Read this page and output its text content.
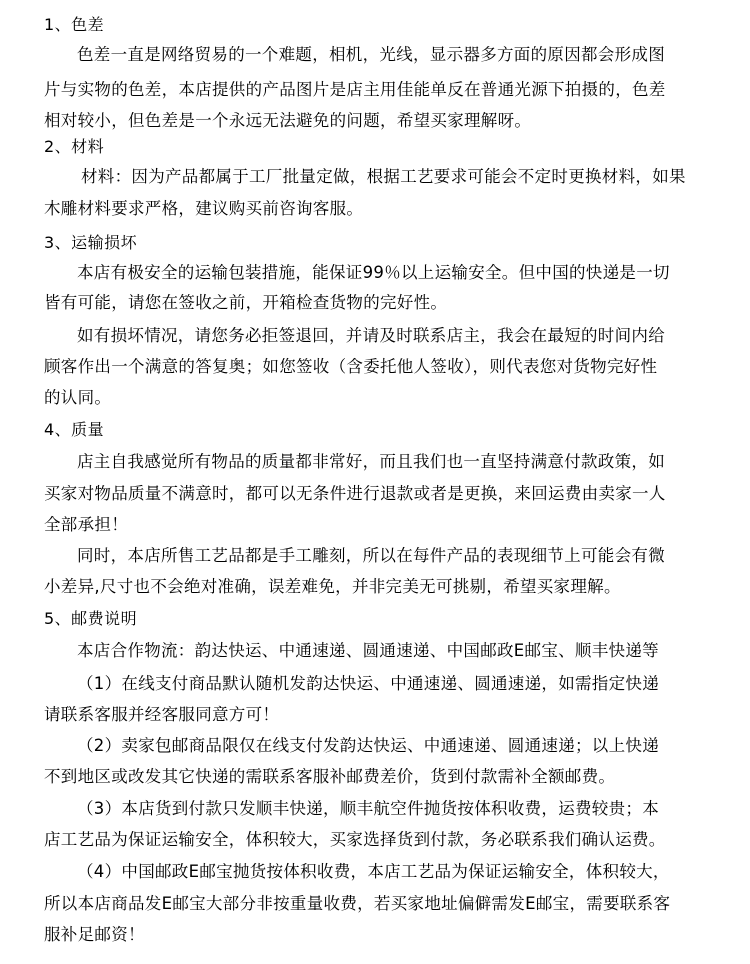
1、色差
色差一直是网络贸易的一个难题，相机，光线，显示器多方面的原因都会形成图
片与实物的色差，本店提供的产品图片是店主用佳能单反在普通光源下拍摄的，色差
相对较小，但色差是一个永远无法避免的问题，希望买家理解呀。
2、材料
材料：因为产品都属于工厂批量定做，根据工艺要求可能会不定时更换材料，如果
木雕材料要求严格，建议购买前咨询客服。
3、运输损坏
本店有极安全的运输包装措施，能保证99％以上运输安全。但中国的快递是一切
皆有可能，请您在签收之前，开箱检查货物的完好性。
如有损坏情况，请您务必拒签退回，并请及时联系店主，我会在最短的时间内给
顾客作出一个满意的答复奥；如您签收（含委托他人签收），则代表您对货物完好性
的认同。
4、质量
店主自我感觉所有物品的质量都非常好，而且我们也一直坚持满意付款政策，如
买家对物品质量不满意时，都可以无条件进行退款或者是更换，来回运费由卖家一人
全部承担！
同时，本店所售工艺品都是手工雕刻，所以在每件产品的表现细节上可能会有微
小差异,尺寸也不会绝对准确，误差难免，并非完美无可挑剔，希望买家理解。
5、邮费说明
本店合作物流：韵达快运、中通速递、圆通速递、中国邮政E邮宝、顺丰快递等
（1）在线支付商品默认随机发韵达快运、中通速递、圆通速递，如需指定快递
请联系客服并经客服同意方可！
（2）卖家包邮商品限仅在线支付发韵达快运、中通速递、圆通速递；以上快递
不到地区或改发其它快递的需联系客服补邮费差价，货到付款需补全额邮费。
（3）本店货到付款只发顺丰快递，顺丰航空件抛货按体积收费，运费较贵；本
店工艺品为保证运输安全，体积较大，买家选择货到付款，务必联系我们确认运费。
（4）中国邮政E邮宝抛货按体积收费，本店工艺品为保证运输安全，体积较大，
所以本店商品发E邮宝大部分非按重量收费，若买家地址偏僻需发E邮宝，需要联系客
服补足邮资！
